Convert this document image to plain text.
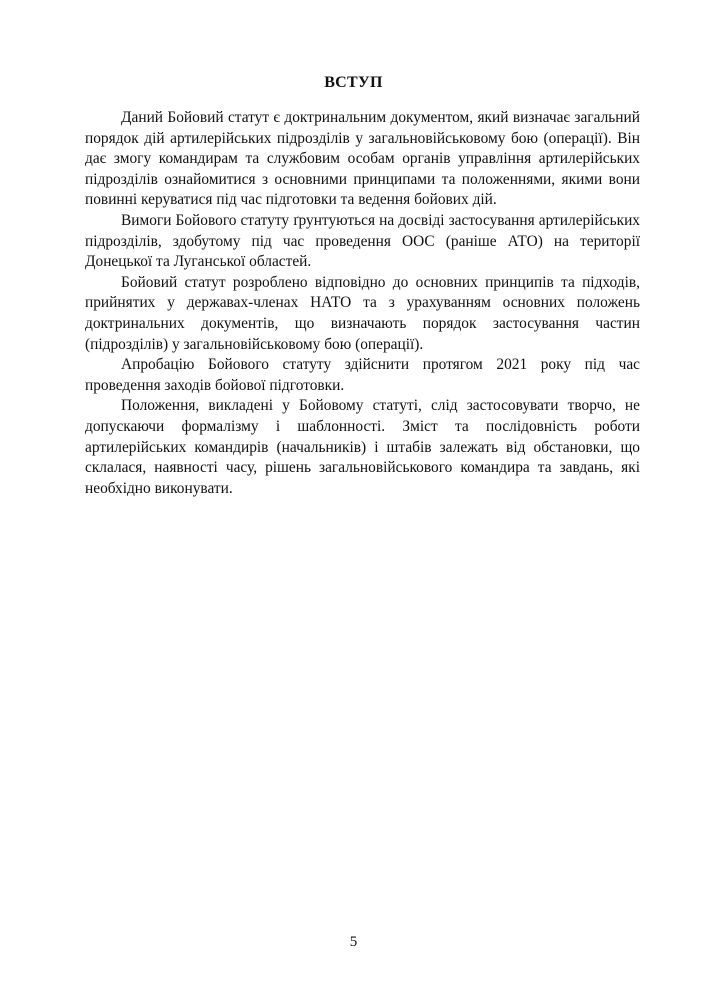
ВСТУП

Даний Бойовий статут є доктринальним документом, який визначає загальний порядок дій артилерійських підрозділів у загальновійськовому бою (операції). Він дає змогу командирам та службовим особам органів управління артилерійських підрозділів ознайомитися з основними принципами та положеннями, якими вони повинні керуватися під час підготовки та ведення бойових дій.

Вимоги Бойового статуту ґрунтуються на досвіді застосування артилерійських підрозділів, здобутому під час проведення ООС (раніше АТО) на території Донецької та Луганської областей.

Бойовий статут розроблено відповідно до основних принципів та підходів, прийнятих у державах-членах НАТО та з урахуванням основних положень доктринальних документів, що визначають порядок застосування частин (підрозділів) у загальновійськовому бою (операції).

Апробацію Бойового статуту здійснити протягом 2021 року під час проведення заходів бойової підготовки.

Положення, викладені у Бойовому статуті, слід застосовувати творчо, не допускаючи формалізму і шаблонності. Зміст та послідовність роботи артилерійських командирів (начальників) і штабів залежать від обстановки, що склалася, наявності часу, рішень загальновійськового командира та завдань, які необхідно виконувати.

5
